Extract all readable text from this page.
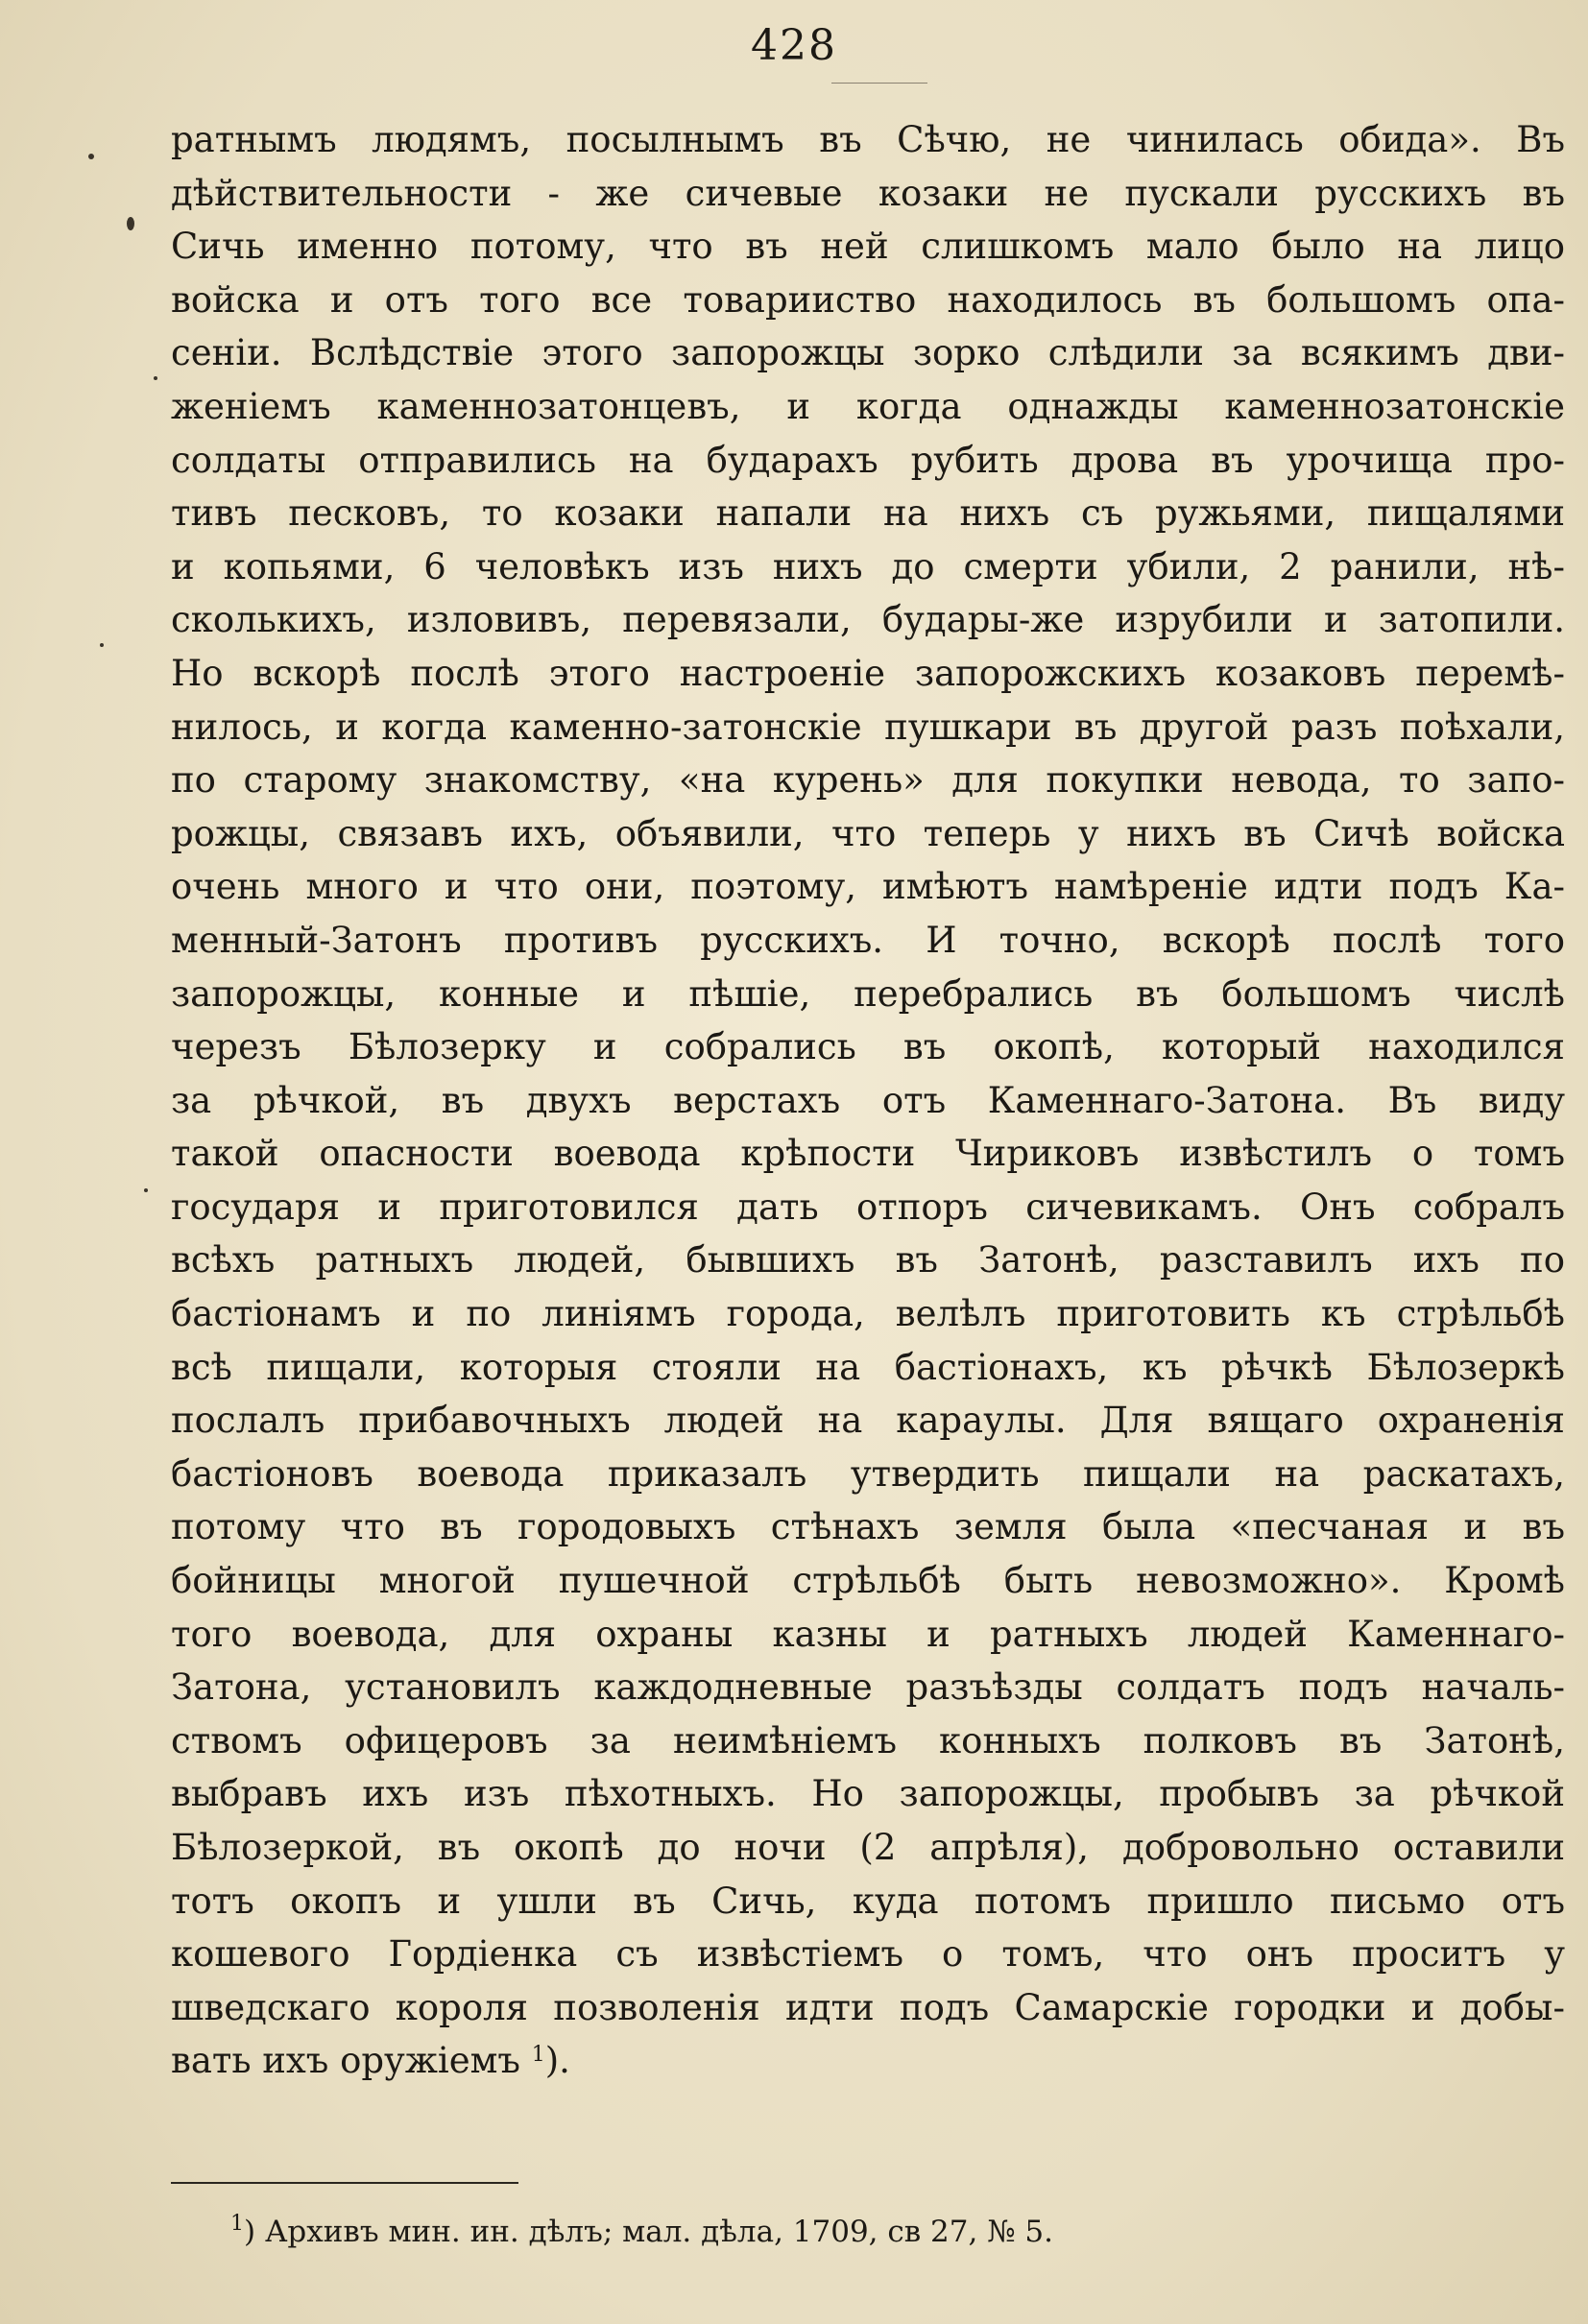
428
ратнымъ людямъ, посылнымъ въ Сѣчю, не чинилась обида». Въ
дѣйствительности - же сичевые козаки не пускали русскихъ въ
Сичь именно потому, что въ ней слишкомъ мало было на лицо
войска и отъ того все товарииство находилось въ большомъ опа-
сеніи. Вслѣдствіе этого запорожцы зорко слѣдили за всякимъ дви-
женіемъ каменнозатонцевъ, и когда однажды каменнозатонскіе
солдаты отправились на бударахъ рубить дрова въ урочища про-
тивъ песковъ, то козаки напали на нихъ съ ружьями, пищалями
и копьями, 6 человѣкъ изъ нихъ до смерти убили, 2 ранили, нѣ-
сколькихъ, изловивъ, перевязали, будары-же изрубили и затопили.
Но вскорѣ послѣ этого настроеніе запорожскихъ козаковъ перемѣ-
нилось, и когда каменно-затонскіе пушкари въ другой разъ поѣхали,
по старому знакомству, «на курень» для покупки невода, то запо-
рожцы, связавъ ихъ, объявили, что теперь у нихъ въ Сичѣ войска
очень много и что они, поэтому, имѣютъ намѣреніе идти подъ Ка-
менный-Затонъ противъ русскихъ. И точно, вскорѣ послѣ того
запорожцы, конные и пѣшіе, перебрались въ большомъ числѣ
черезъ Бѣлозерку и собрались въ окопѣ, который находился
за рѣчкой, въ двухъ верстахъ отъ Каменнаго-Затона. Въ виду
такой опасности воевода крѣпости Чириковъ извѣстилъ о томъ
государя и приготовился дать отпоръ сичевикамъ. Онъ собралъ
всѣхъ ратныхъ людей, бывшихъ въ Затонѣ, разставилъ ихъ по
бастіонамъ и по линіямъ города, велѣлъ приготовить къ стрѣльбѣ
всѣ пищали, которыя стояли на бастіонахъ, къ рѣчкѣ Бѣлозеркѣ
послалъ прибавочныхъ людей на караулы. Для вящаго охраненія
бастіоновъ воевода приказалъ утвердить пищали на раскатахъ,
потому что въ городовыхъ стѣнахъ земля была «песчаная и въ
бойницы многой пушечной стрѣльбѣ быть невозможно». Кромѣ
того воевода, для охраны казны и ратныхъ людей Каменнаго-
Затона, установилъ каждодневные разъѣзды солдатъ подъ началь-
ствомъ офицеровъ за неимѣніемъ конныхъ полковъ въ Затонѣ,
выбравъ ихъ изъ пѣхотныхъ. Но запорожцы, пробывъ за рѣчкой
Бѣлозеркой, въ окопѣ до ночи (2 апрѣля), добровольно оставили
тотъ окопъ и ушли въ Сичь, куда потомъ пришло письмо отъ
кошевого Гордіенка съ извѣстіемъ о томъ, что онъ проситъ у
шведскаго короля позволенія идти подъ Самарскіе городки и добы-
вать ихъ оружіемъ $^1$).
$^1$) Архивъ мин. ин. дѣлъ; мал. дѣла, 1709, св 27, № 5.
